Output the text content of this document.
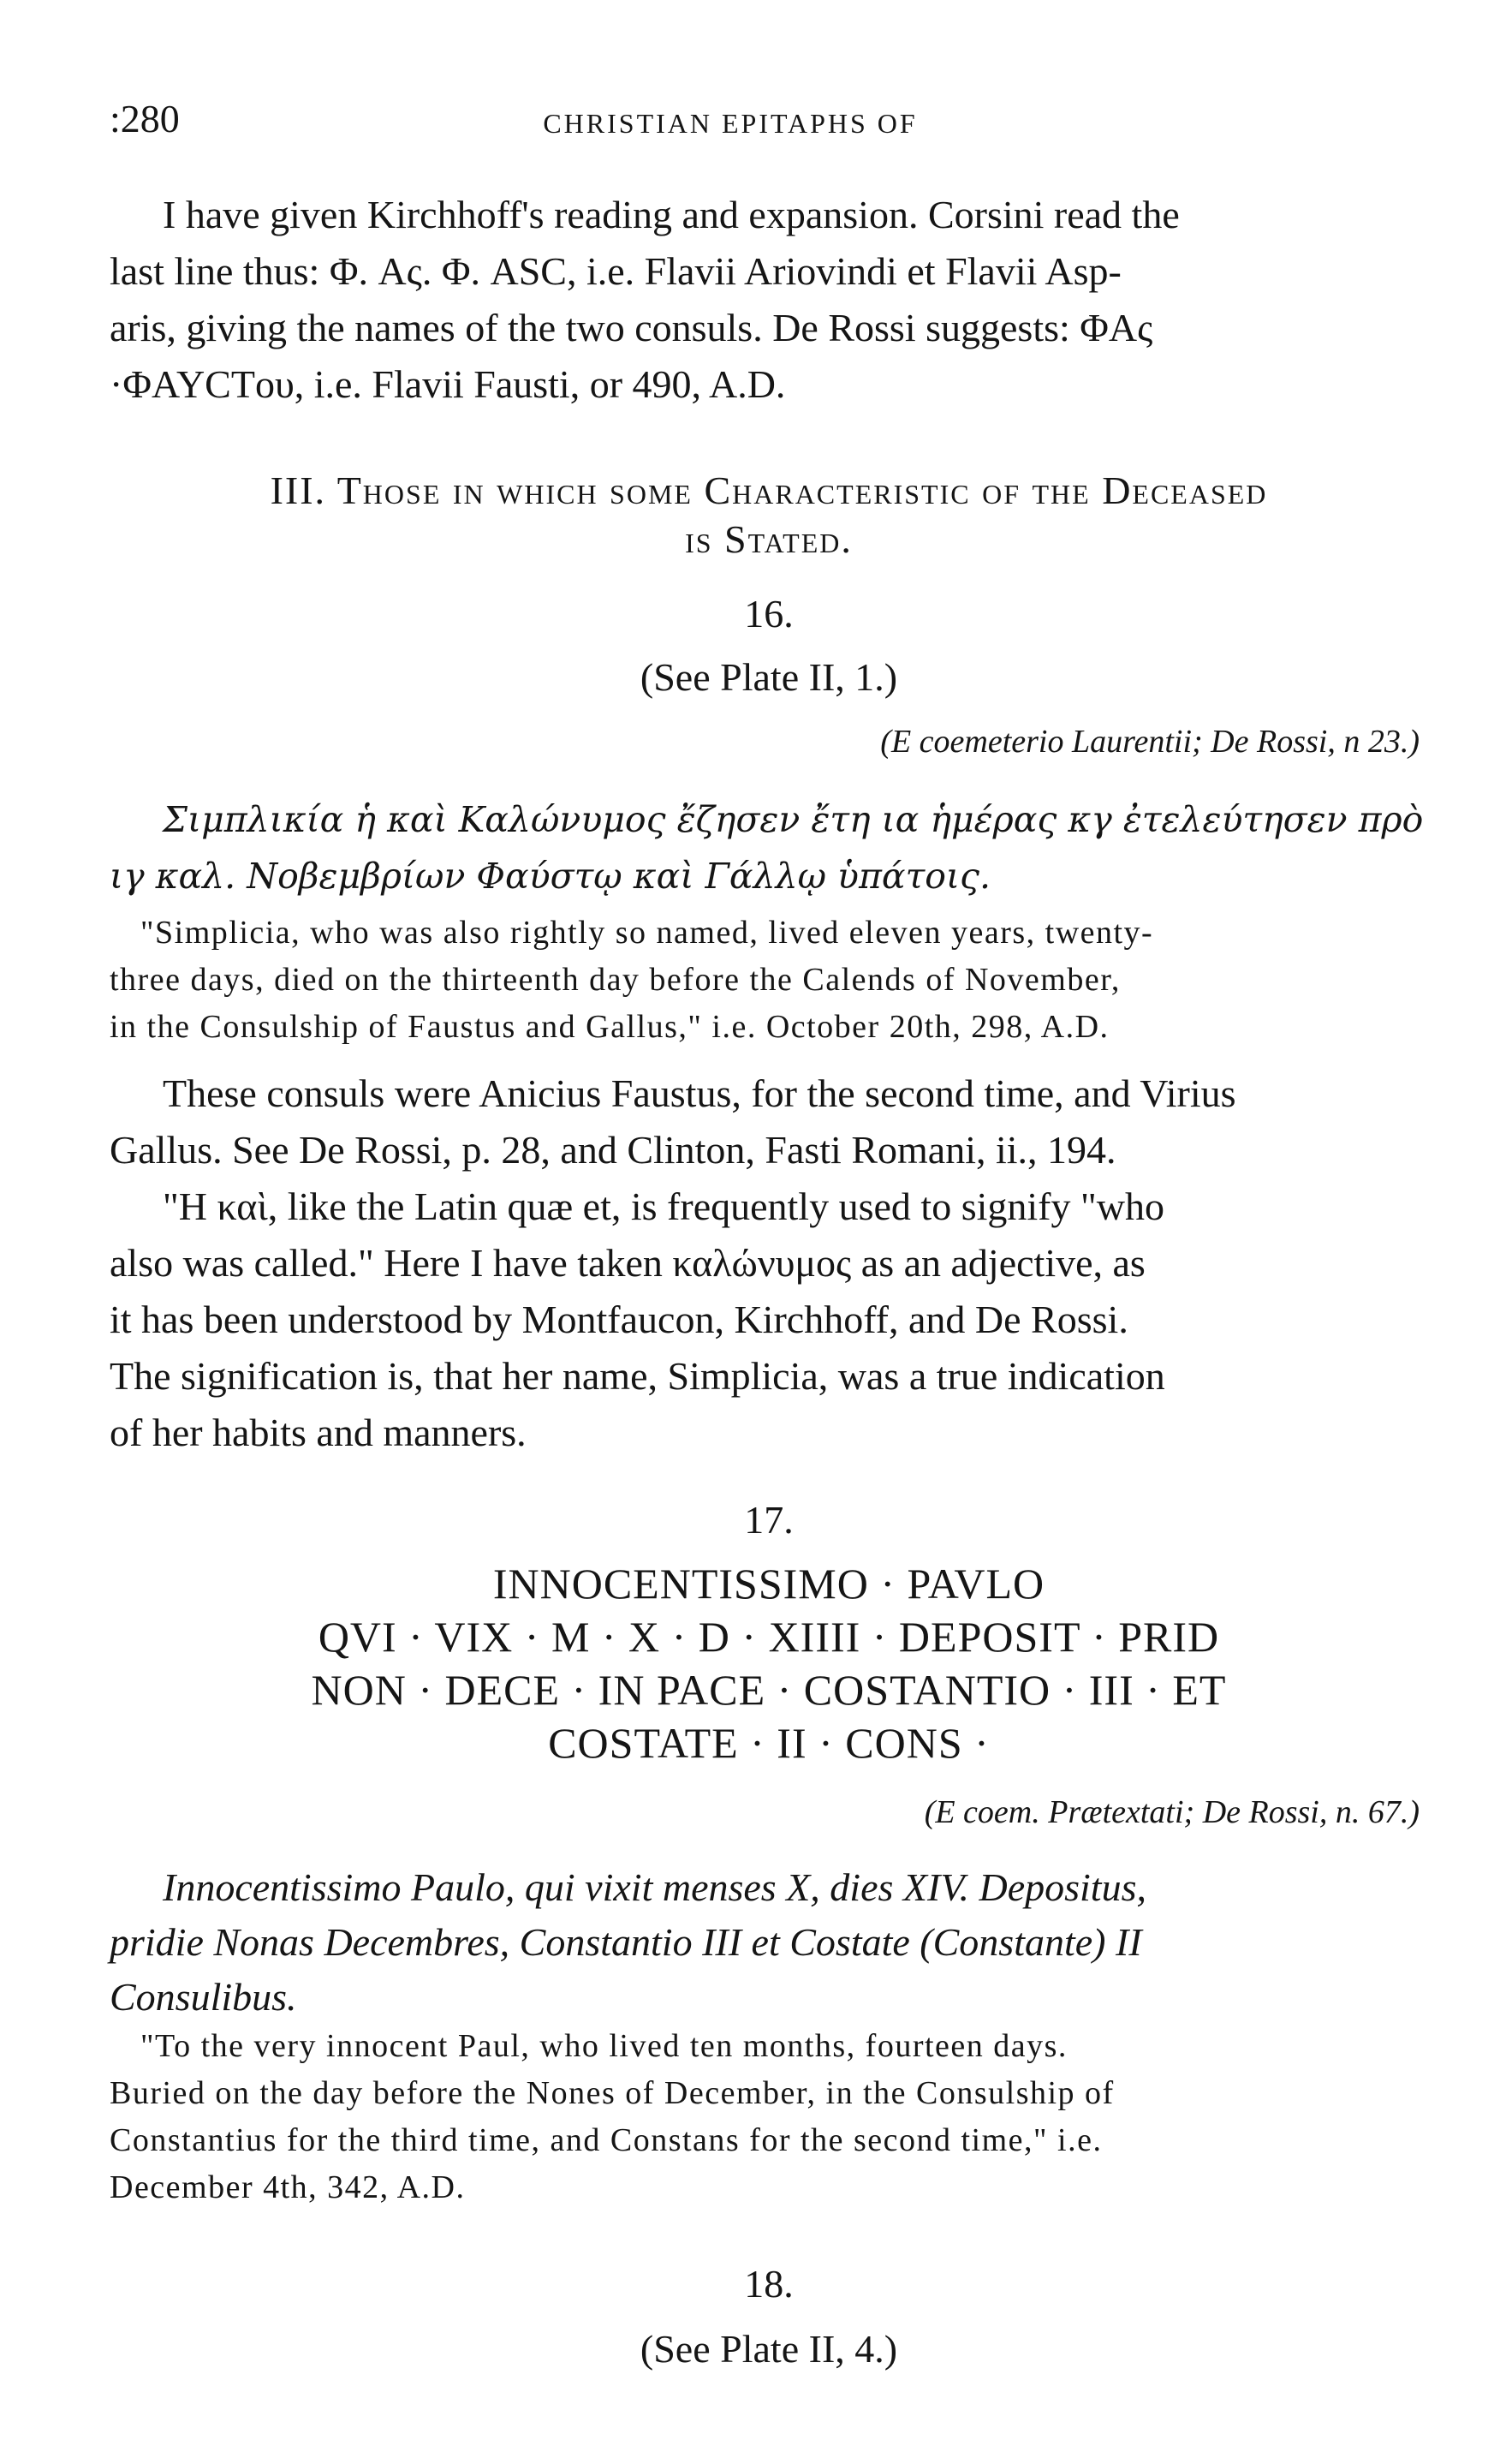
:280	CHRISTIAN EPITAPHS OF
I have given Kirchhoff's reading and expansion. Corsini read the
last line thus: Φ. Aς. Φ. ASC, i.e. Flavii Ariovindi et Flavii Asp-
aris, giving the names of the two consuls. De Rossi suggests: ΦAς
·ΦAYCTου, i.e. Flavii Fausti, or 490, A.D.
III. Those in which some Characteristic of the Deceased
is Stated.
16.
(See Plate II, 1.)
(E coemeterio Laurentii; De Rossi, n 23.)
Σιμπλικία ἡ καὶ Καλώνυμος ἔζησεν ἔτη ια ἡμέρας κγ ἐτελεύτησεν πρὸ
ιγ καλ. Νοβεμβρίων Φαύστῳ καὶ Γάλλῳ ὑπάτοις.
"Simplicia, who was also rightly so named, lived eleven years, twenty-
three days, died on the thirteenth day before the Calends of November,
in the Consulship of Faustus and Gallus," i.e. October 20th, 298, A.D.
These consuls were Anicius Faustus, for the second time, and Virius
Gallus. See De Rossi, p. 28, and Clinton, Fasti Romani, ii., 194.
"H καὶ, like the Latin quæ et, is frequently used to signify "who
also was called." Here I have taken καλώνυμος as an adjective, as
it has been understood by Montfaucon, Kirchhoff, and De Rossi.
The signification is, that her name, Simplicia, was a true indication
of her habits and manners.
17.
INNOCENTISSIMO · PAVLO
QVI · VIX · M · X · D · XIIII · DEPOSIT · PRID
NON · DECE · IN PACE · COSTANTIO · III · ET
COSTATE · II · CONS ·
(E coem. Prætextati; De Rossi, n. 67.)
Innocentissimo Paulo, qui vixit menses X, dies XIV. Depositus,
pridie Nonas Decembres, Constantio III et Costate (Constante) II
Consulibus.
"To the very innocent Paul, who lived ten months, fourteen days.
Buried on the day before the Nones of December, in the Consulship of
Constantius for the third time, and Constans for the second time," i.e.
December 4th, 342, A.D.
18.
(See Plate II, 4.)
